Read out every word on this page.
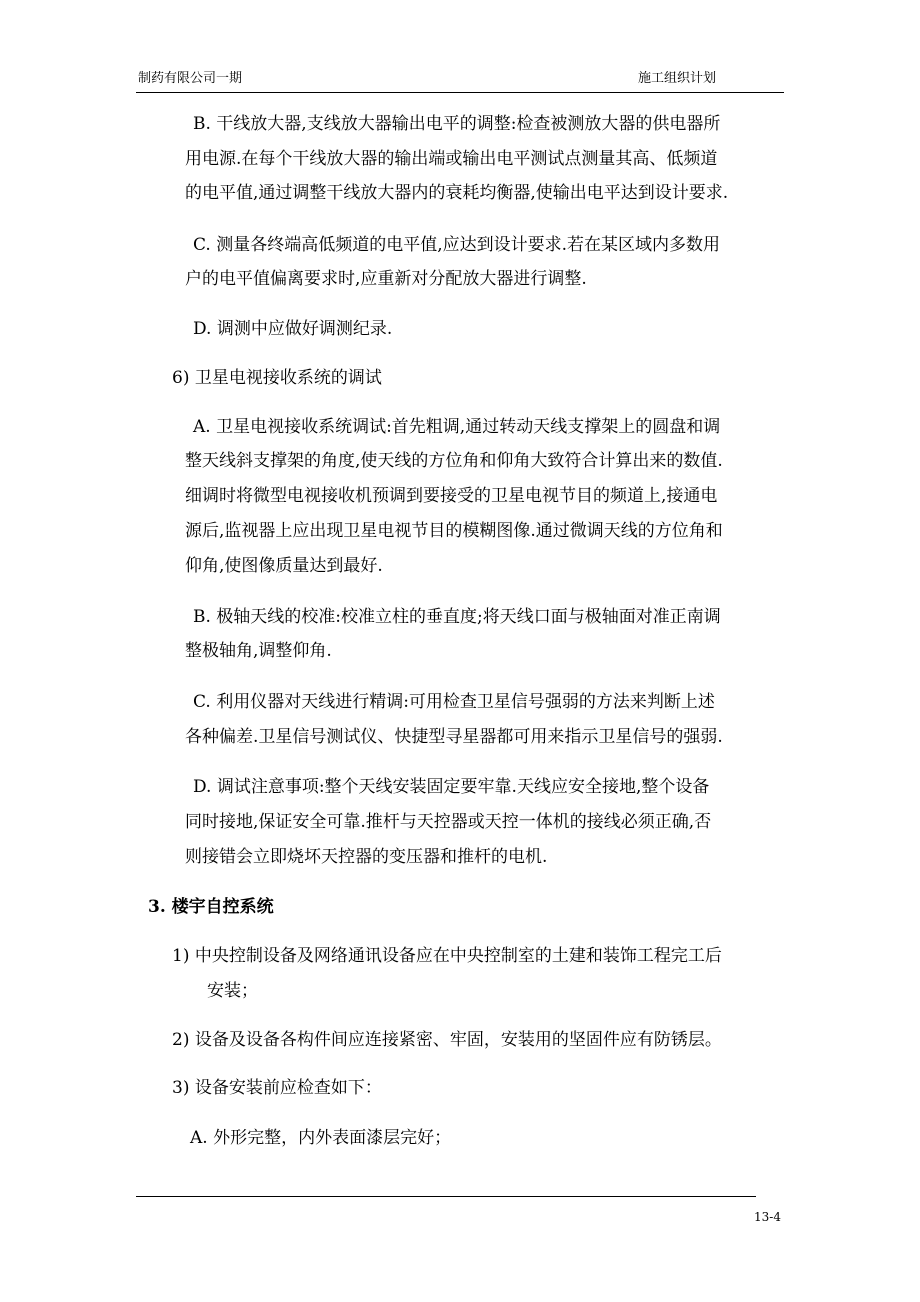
制药有限公司一期	施工组织计划
B. 干线放大器,支线放大器输出电平的调整:检查被测放大器的供电器所
用电源.在每个干线放大器的输出端或输出电平测试点测量其高、低频道
的电平值,通过调整干线放大器内的衰耗均衡器,使输出电平达到设计要求.
C. 测量各终端高低频道的电平值,应达到设计要求.若在某区域内多数用
户的电平值偏离要求时,应重新对分配放大器进行调整.
D. 调测中应做好调测纪录.
6) 卫星电视接收系统的调试
A. 卫星电视接收系统调试:首先粗调,通过转动天线支撑架上的圆盘和调
整天线斜支撑架的角度,使天线的方位角和仰角大致符合计算出来的数值.
细调时将微型电视接收机预调到要接受的卫星电视节目的频道上,接通电
源后,监视器上应出现卫星电视节目的模糊图像.通过微调天线的方位角和
仰角,使图像质量达到最好.
B. 极轴天线的校准:校准立柱的垂直度;将天线口面与极轴面对准正南调
整极轴角,调整仰角.
C. 利用仪器对天线进行精调:可用检查卫星信号强弱的方法来判断上述
各种偏差.卫星信号测试仪、快捷型寻星器都可用来指示卫星信号的强弱.
D. 调试注意事项:整个天线安装固定要牢靠.天线应安全接地,整个设备
同时接地,保证安全可靠.推杆与天控器或天控一体机的接线必须正确,否
则接错会立即烧坏天控器的变压器和推杆的电机.
3. 楼宇自控系统
1) 中央控制设备及网络通讯设备应在中央控制室的土建和装饰工程完工后
安装；
2) 设备及设备各构件间应连接紧密、牢固，安装用的坚固件应有防锈层。
3) 设备安装前应检查如下：
A. 外形完整，内外表面漆层完好；
13-4
